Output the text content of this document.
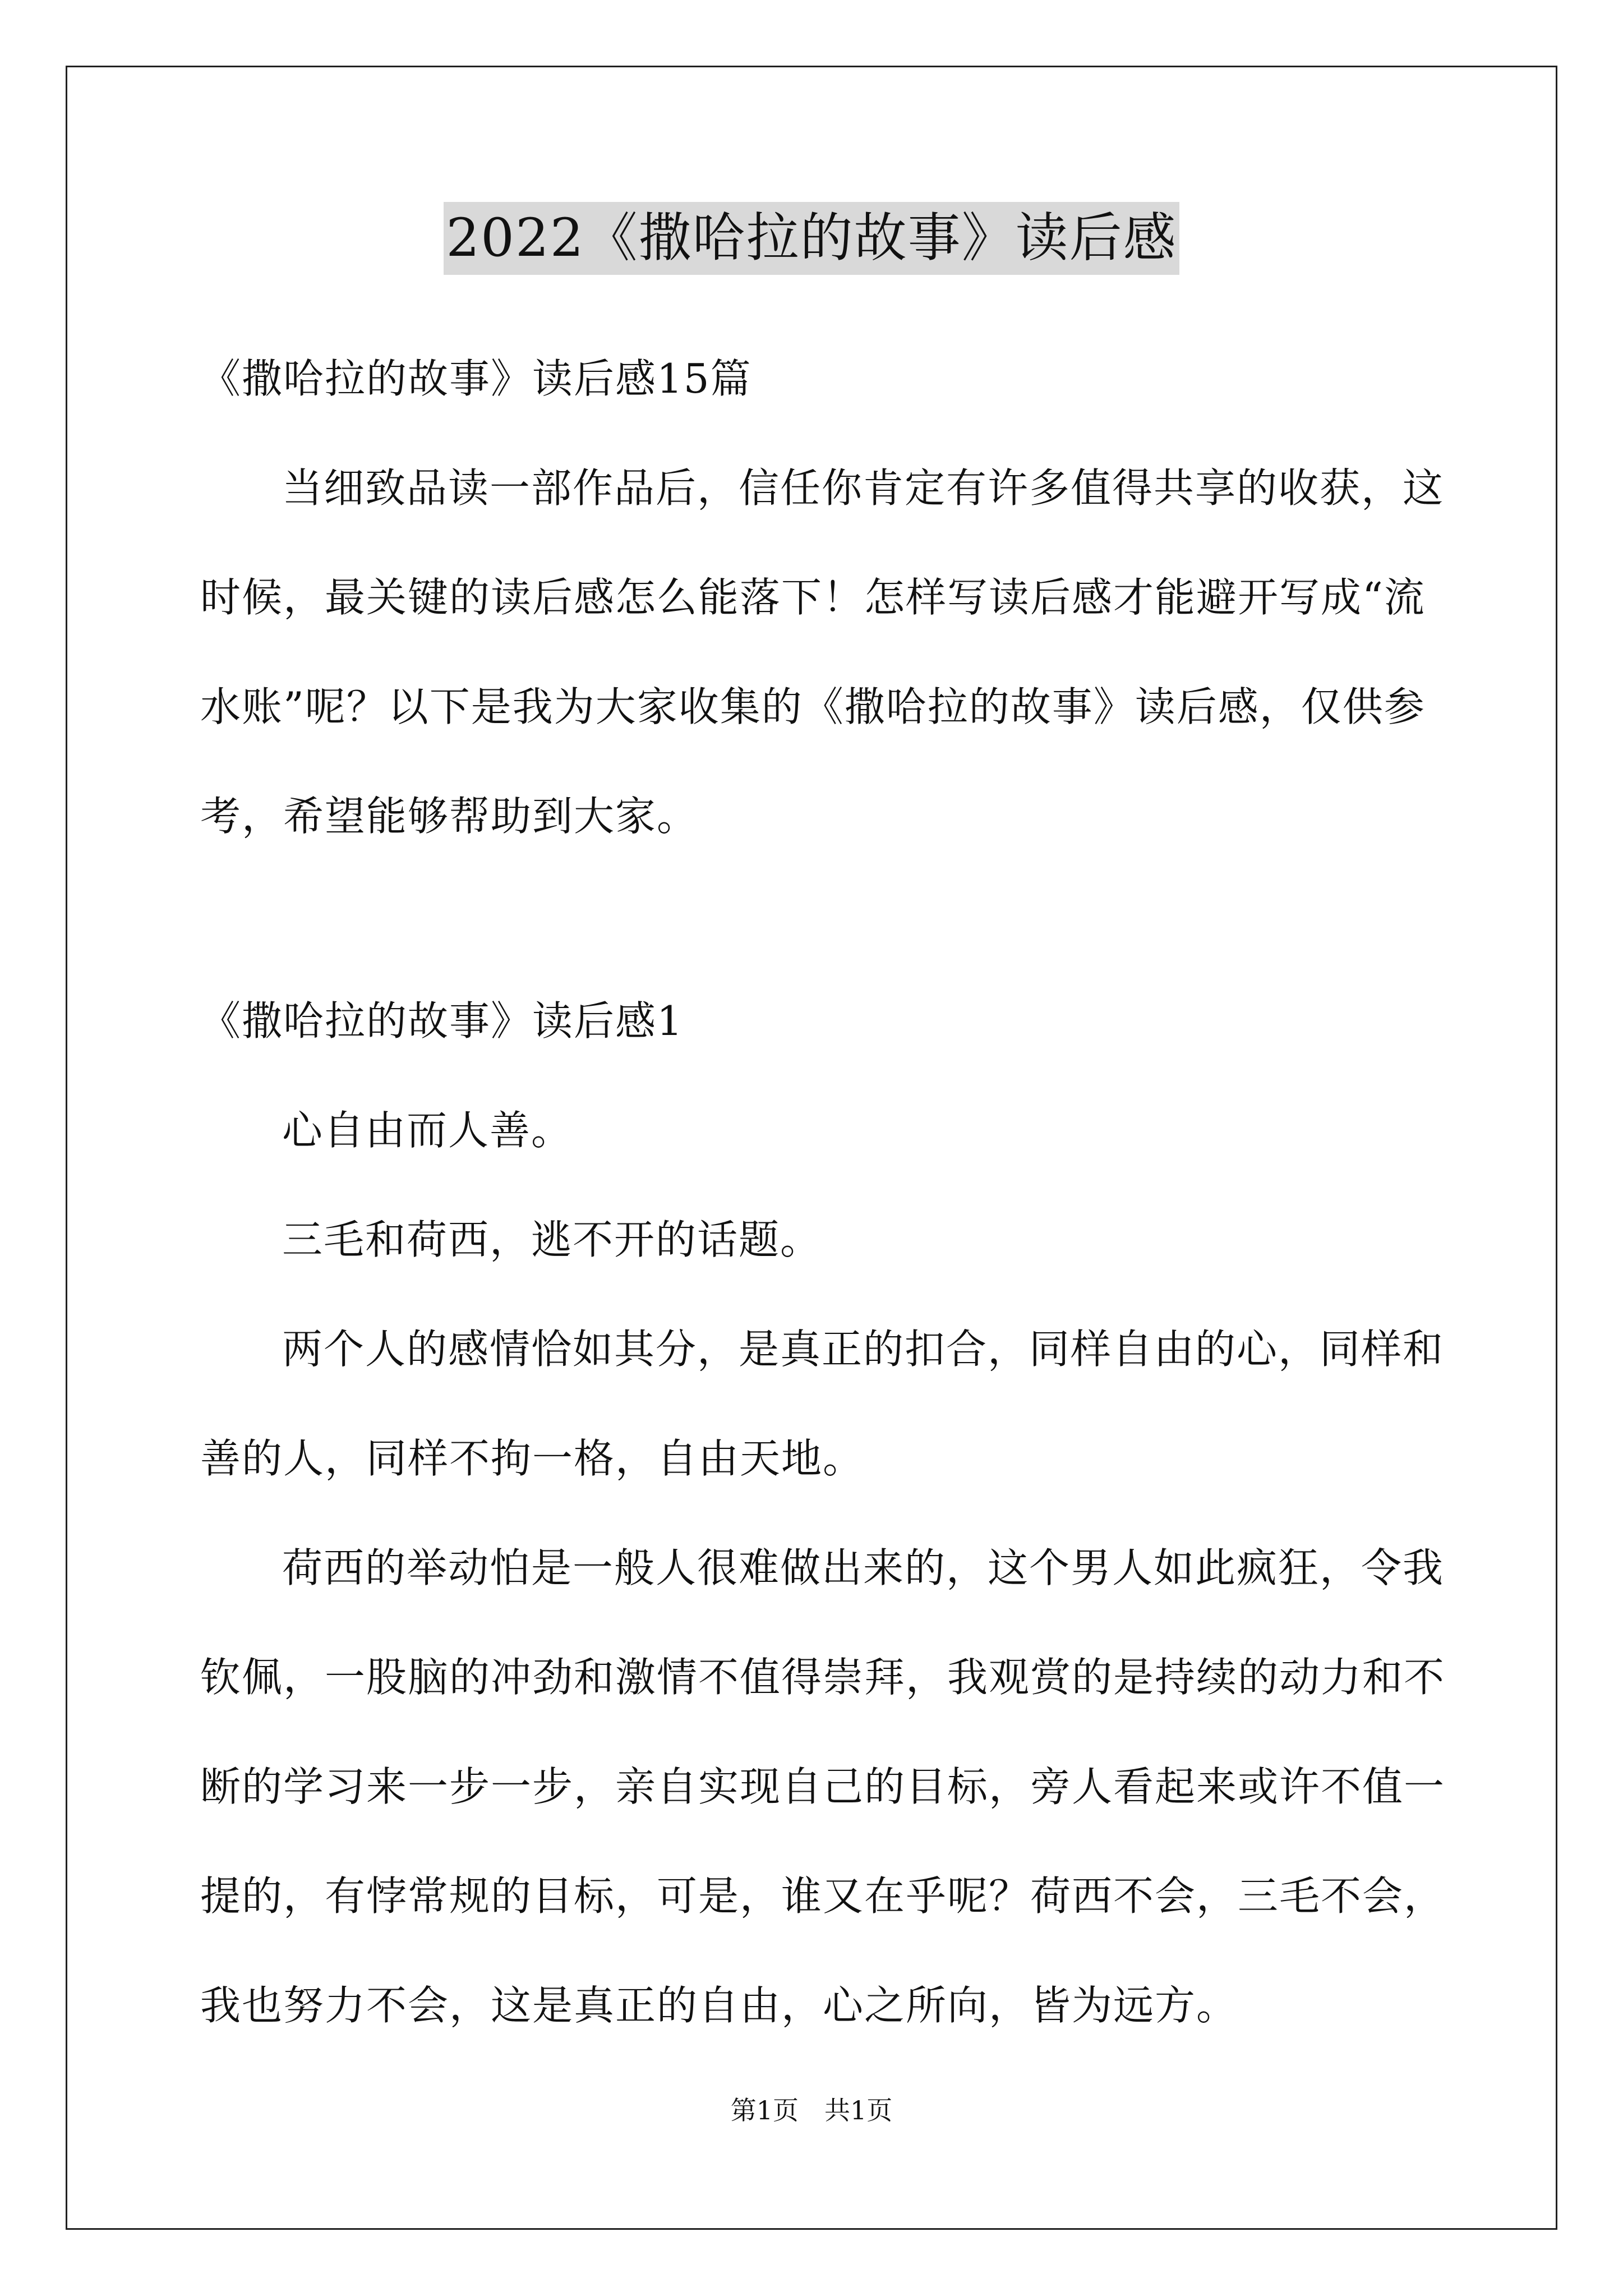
2022《撒哈拉的故事》读后感
《撒哈拉的故事》读后感15篇
当细致品读一部作品后，信任你肯定有许多值得共享的收获，这
时候，最关键的读后感怎么能落下！怎样写读后感才能避开写成“流
水账”呢？以下是我为大家收集的《撒哈拉的故事》读后感，仅供参
考，希望能够帮助到大家。
《撒哈拉的故事》读后感1
心自由而人善。
三毛和荷西，逃不开的话题。
两个人的感情恰如其分，是真正的扣合，同样自由的心，同样和
善的人，同样不拘一格，自由天地。
荷西的举动怕是一般人很难做出来的，这个男人如此疯狂，令我
钦佩，一股脑的冲劲和激情不值得崇拜，我观赏的是持续的动力和不
断的学习来一步一步，亲自实现自己的目标，旁人看起来或许不值一
提的，有悖常规的目标，可是，谁又在乎呢？荷西不会，三毛不会，
我也努力不会，这是真正的自由，心之所向，皆为远方。
第1页　共1页
